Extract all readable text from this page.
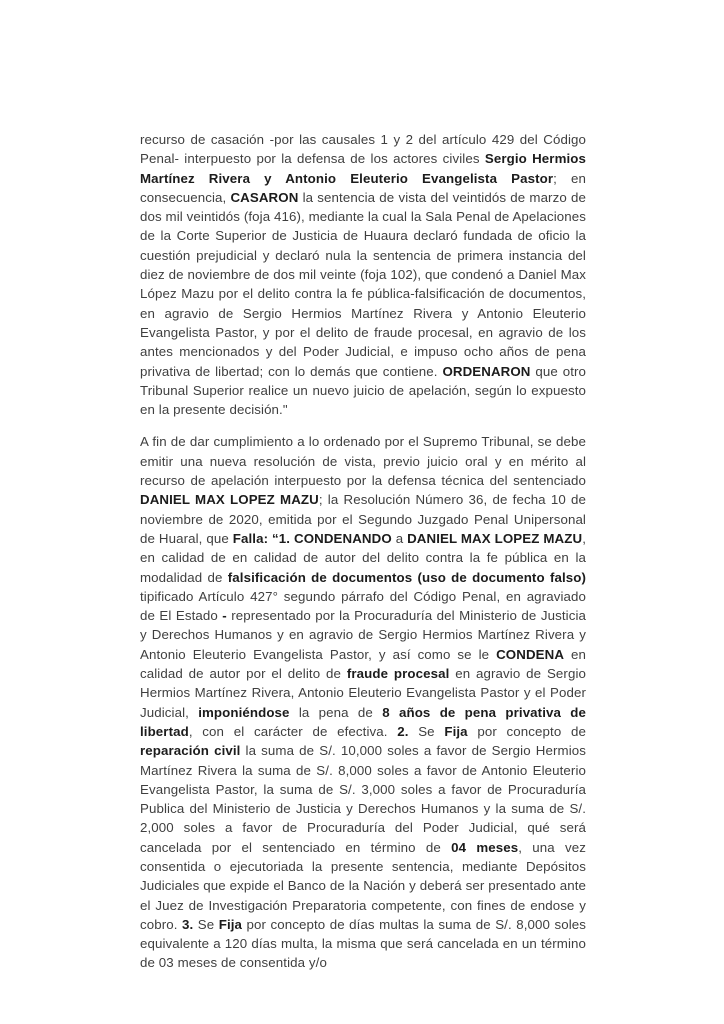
recurso de casación -por las causales 1 y 2 del artículo 429 del Código Penal- interpuesto por la defensa de los actores civiles Sergio Hermios Martínez Rivera y Antonio Eleuterio Evangelista Pastor; en consecuencia, CASARON la sentencia de vista del veintidós de marzo de dos mil veintidós (foja 416), mediante la cual la Sala Penal de Apelaciones de la Corte Superior de Justicia de Huaura declaró fundada de oficio la cuestión prejudicial y declaró nula la sentencia de primera instancia del diez de noviembre de dos mil veinte (foja 102), que condenó a Daniel Max López Mazu por el delito contra la fe pública-falsificación de documentos, en agravio de Sergio Hermios Martínez Rivera y Antonio Eleuterio Evangelista Pastor, y por el delito de fraude procesal, en agravio de los antes mencionados y del Poder Judicial, e impuso ocho años de pena privativa de libertad; con lo demás que contiene. ORDENARON que otro Tribunal Superior realice un nuevo juicio de apelación, según lo expuesto en la presente decisión."

A fin de dar cumplimiento a lo ordenado por el Supremo Tribunal, se debe emitir una nueva resolución de vista, previo juicio oral y en mérito al recurso de apelación interpuesto por la defensa técnica del sentenciado DANIEL MAX LOPEZ MAZU; la Resolución Número 36, de fecha 10 de noviembre de 2020, emitida por el Segundo Juzgado Penal Unipersonal de Huaral, que Falla: “1. CONDENANDO a DANIEL MAX LOPEZ MAZU, en calidad de en calidad de autor del delito contra la fe pública en la modalidad de falsificación de documentos (uso de documento falso) tipificado Artículo 427° segundo párrafo del Código Penal, en agraviado de El Estado - representado por la Procuraduría del Ministerio de Justicia y Derechos Humanos y en agravio de Sergio Hermios Martínez Rivera y Antonio Eleuterio Evangelista Pastor, y así como se le CONDENA en calidad de autor por el delito de fraude procesal en agravio de Sergio Hermios Martínez Rivera, Antonio Eleuterio Evangelista Pastor y el Poder Judicial, imponiéndose la pena de 8 años de pena privativa de libertad, con el carácter de efectiva. 2. Se Fija por concepto de reparación civil la suma de S/. 10,000 soles a favor de Sergio Hermios Martínez Rivera la suma de S/. 8,000 soles a favor de Antonio Eleuterio Evangelista Pastor, la suma de S/. 3,000 soles a favor de Procuraduría Publica del Ministerio de Justicia y Derechos Humanos y la suma de S/. 2,000 soles a favor de Procuraduría del Poder Judicial, qué será cancelada por el sentenciado en término de 04 meses, una vez consentida o ejecutoriada la presente sentencia, mediante Depósitos Judiciales que expide el Banco de la Nación y deberá ser presentado ante el Juez de Investigación Preparatoria competente, con fines de endose y cobro. 3. Se Fija por concepto de días multas la suma de S/. 8,000 soles equivalente a 120 días multa, la misma que será cancelada en un término de 03 meses de consentida y/o
